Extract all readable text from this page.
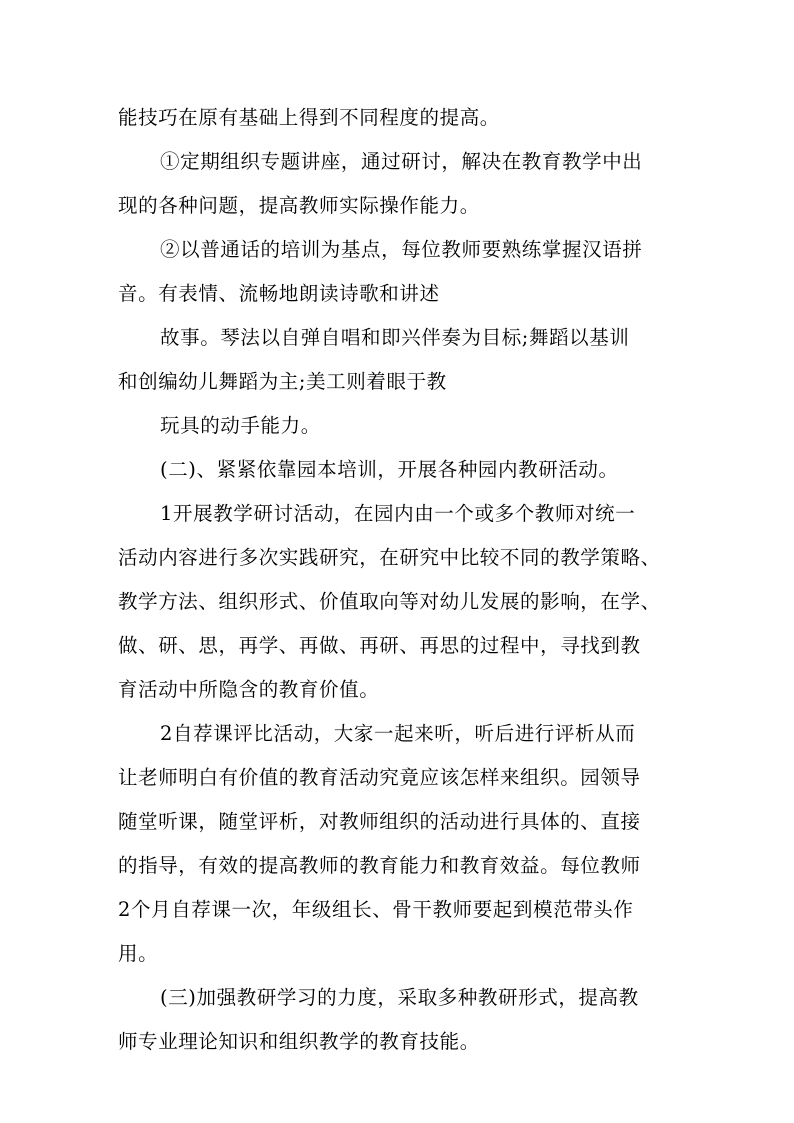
能技巧在原有基础上得到不同程度的提高。
①定期组织专题讲座，通过研讨，解决在教育教学中出
现的各种问题，提高教师实际操作能力。
②以普通话的培训为基点，每位教师要熟练掌握汉语拼
音。有表情、流畅地朗读诗歌和讲述
故事。琴法以自弹自唱和即兴伴奏为目标;舞蹈以基训
和创编幼儿舞蹈为主;美工则着眼于教
玩具的动手能力。
(二)、紧紧依靠园本培训，开展各种园内教研活动。
1开展教学研讨活动，在园内由一个或多个教师对统一
活动内容进行多次实践研究，在研究中比较不同的教学策略、
教学方法、组织形式、价值取向等对幼儿发展的影响，在学、
做、研、思，再学、再做、再研、再思的过程中，寻找到教
育活动中所隐含的教育价值。
2自荐课评比活动，大家一起来听，听后进行评析从而
让老师明白有价值的教育活动究竟应该怎样来组织。园领导
随堂听课，随堂评析，对教师组织的活动进行具体的、直接
的指导，有效的提高教师的教育能力和教育效益。每位教师
2个月自荐课一次，年级组长、骨干教师要起到模范带头作
用。
(三)加强教研学习的力度，采取多种教研形式，提高教
师专业理论知识和组织教学的教育技能。
